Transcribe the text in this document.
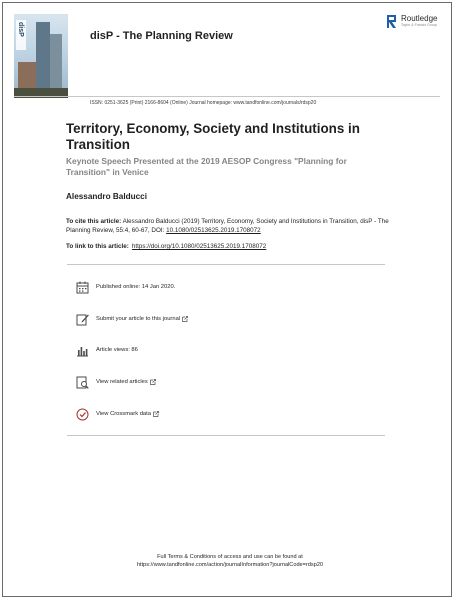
disP	disP - The Planning Review
Routledge
Taylor & Francis Group
ISSN: 0251-3625 (Print) 2166-8604 (Online) Journal homepage: www.tandfonline.com/journals/rdsp20
Territory, Economy, Society and Institutions in Transition
Keynote Speech Presented at the 2019 AESOP Congress "Planning for Transition" in Venice
Alessandro Balducci
To cite this article: Alessandro Balducci (2019) Territory, Economy, Society and Institutions in Transition, disP - The Planning Review, 55:4, 60-67, DOI: 10.1080/02513625.2019.1708072
To link to this article: https://doi.org/10.1080/02513625.2019.1708072
Published online: 14 Jan 2020.
Submit your article to this journal
Article views: 86
View related articles
View Crossmark data
Full Terms & Conditions of access and use can be found at
https://www.tandfonline.com/action/journalInformation?journalCode=rdsp20
